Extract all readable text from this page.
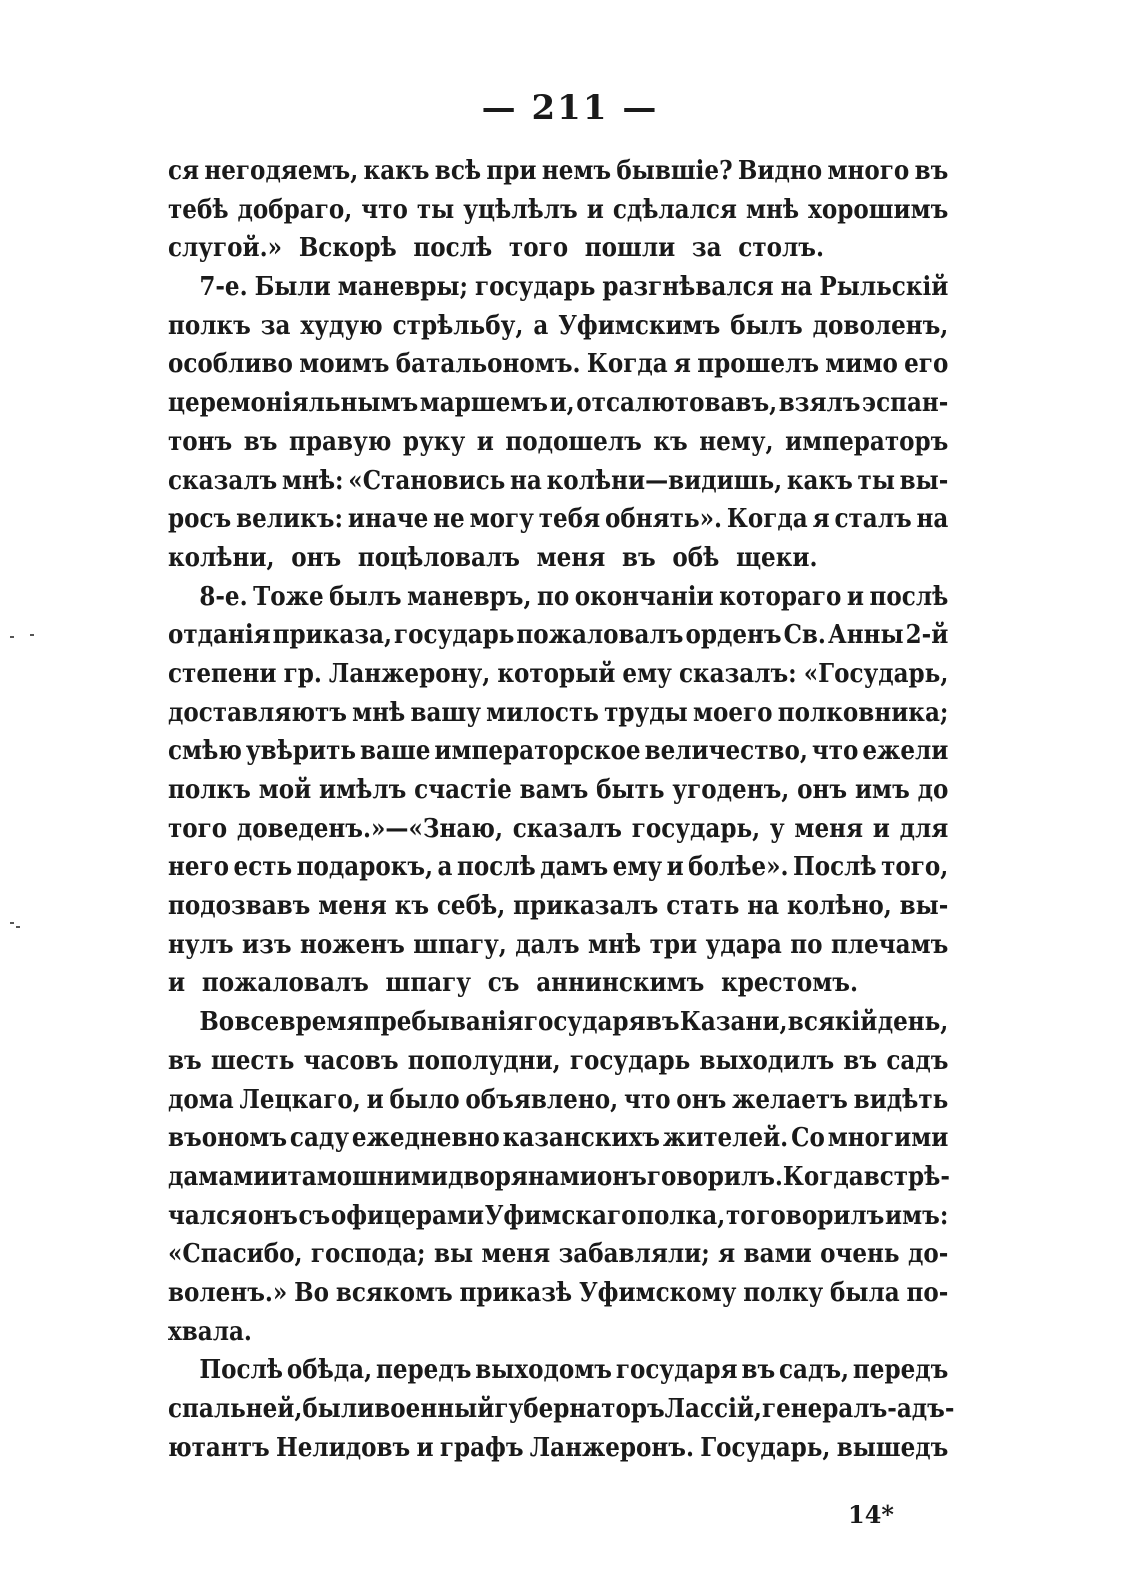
— 211 —
ся негодяемъ, какъ всѣ при немъ бывшіе? Видно много въ
тебѣ добраго, что ты уцѣлѣлъ и сдѣлался мнѣ хорошимъ
слугой.» Вскорѣ послѣ того пошли за столъ.
7-е. Были маневры; государь разгнѣвался на Рыльскій
полкъ за худую стрѣльбу, а Уфимскимъ былъ доволенъ,
особливо моимъ батальономъ. Когда я прошелъ мимо его
церемоніяльнымъ маршемъ и, отсалютовавъ, взялъ эспан-
тонъ въ правую руку и подошелъ къ нему, императоръ
сказалъ мнѣ: «Становись на колѣни—видишь, какъ ты вы-
росъ великъ: иначе не могу тебя обнять». Когда я сталъ на
колѣни, онъ поцѣловалъ меня въ обѣ щеки.
8-е. Тоже былъ маневръ, по окончаніи котораго и послѣ
отданія приказа, государь пожаловалъ орденъ Св. Анны 2-й
степени гр. Ланжерону, который ему сказалъ: «Государь,
доставляютъ мнѣ вашу милость труды моего полковника;
смѣю увѣрить ваше императорское величество, что ежели
полкъ мой имѣлъ счастіе вамъ быть угоденъ, онъ имъ до
того доведенъ.»—«Знаю, сказалъ государь, у меня и для
него есть подарокъ, а послѣ дамъ ему и болѣе». Послѣ того,
подозвавъ меня къ себѣ, приказалъ стать на колѣно, вы-
нулъ изъ ноженъ шпагу, далъ мнѣ три удара по плечамъ
и пожаловалъ шпагу съ аннинскимъ крестомъ.
Во все время пребыванія государя въ Казани, всякій день,
въ шесть часовъ пополудни, государь выходилъ въ садъ
дома Лецкаго, и было объявлено, что онъ желаетъ видѣть
въономъ саду ежедневно казанскихъ жителей. Со многими
дамами и тамошними дворянами онъ говорилъ. Когда встрѣ-
чался онъ съ офицерами Уфимскаго полка, то говорилъ имъ:
«Спасибо, господа; вы меня забавляли; я вами очень до-
воленъ.» Во всякомъ приказѣ Уфимскому полку была по-
хвала.
Послѣ обѣда, передъ выходомъ государя въ садъ, передъ
спальней, были военный губернаторъ Лассій, генералъ-адъ-
ютантъ Нелидовъ и графъ Ланжеронъ. Государь, вышедъ
14*
